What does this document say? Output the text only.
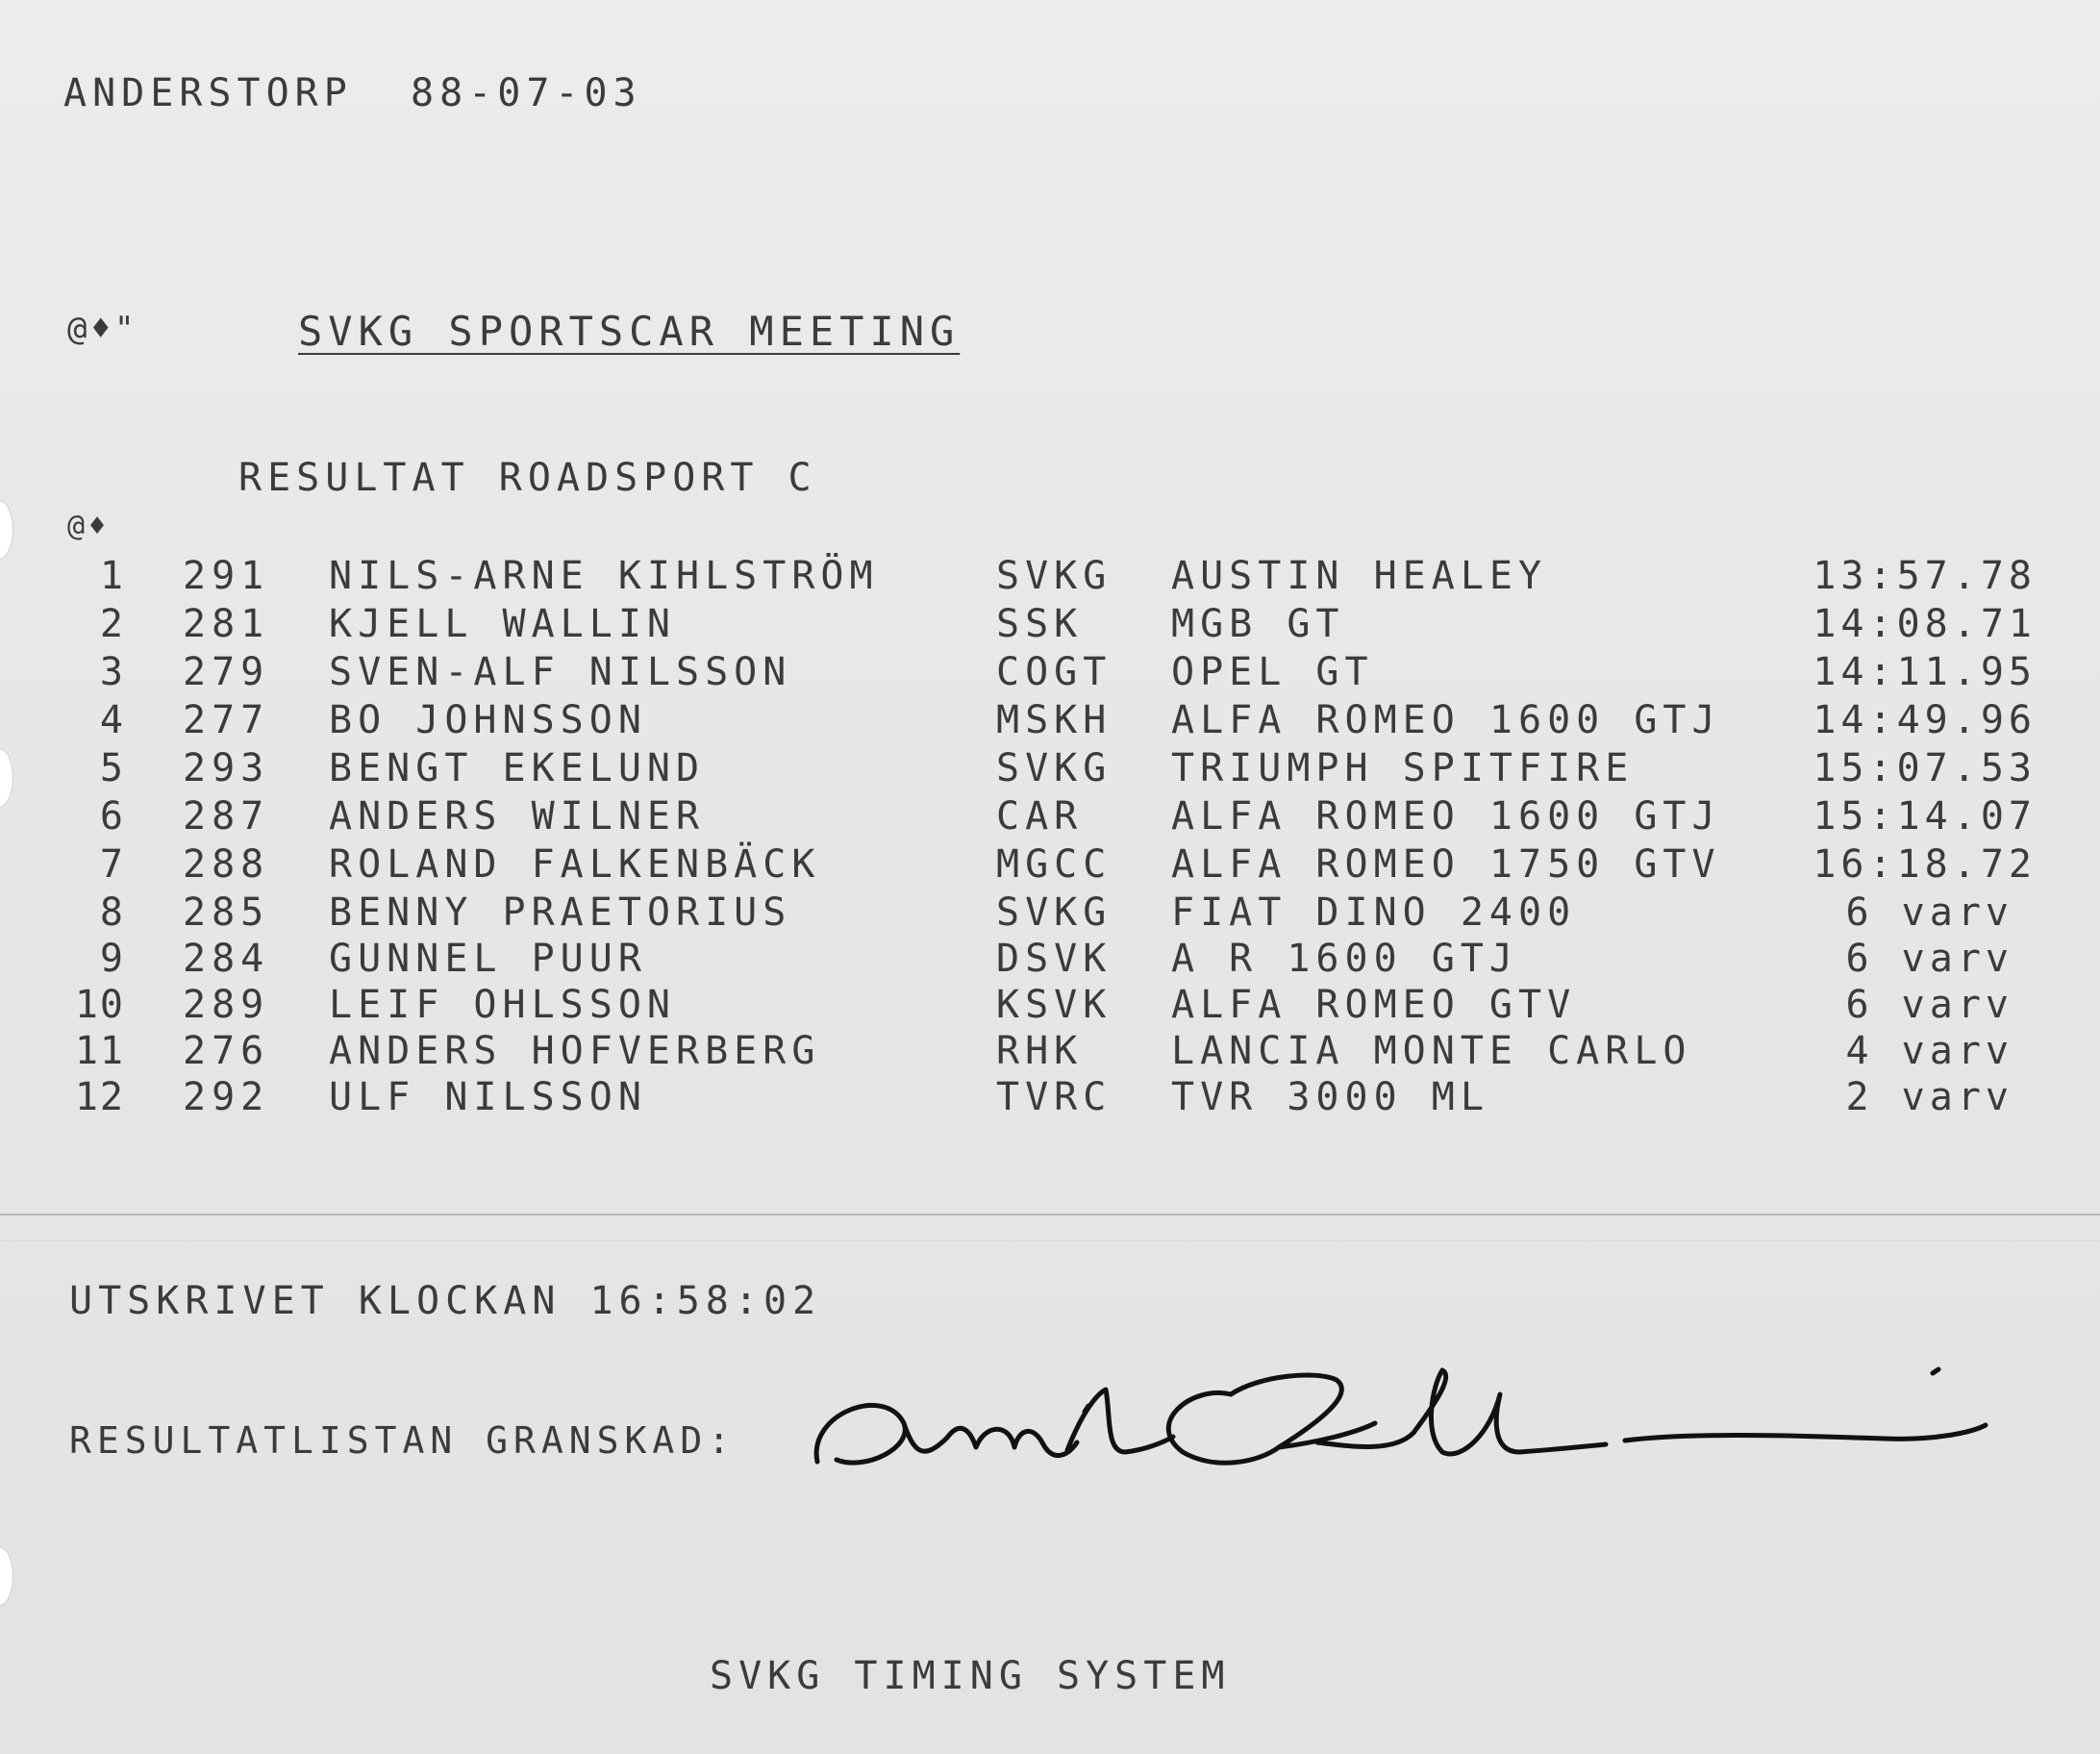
ANDERSTORP  88-07-03
@♦"	SVKG SPORTSCAR MEETING
RESULTAT ROADSPORT C
@♦
1 291 NILS-ARNE KIHLSTRÖM	SVKG AUSTIN HEALEY	13:57.78
2 281 KJELL WALLIN	SSK MGB GT	14:08.71
3 279 SVEN-ALF NILSSON	COGT OPEL GT	14:11.95
4 277 BO JOHNSSON	MSKH ALFA ROMEO 1600 GTJ 14:49.96
5 293 BENGT EKELUND	SVKG TRIUMPH SPITFIRE	15:07.53
6 287 ANDERS WILNER	CAR ALFA ROMEO 1600 GTJ 15:14.07
7 288 ROLAND FALKENBÄCK	MGCC ALFA ROMEO 1750 GTV 16:18.72
8 285 BENNY PRAETORIUS	SVKG FIAT DINO 2400	6 varv
9 284 GUNNEL PUUR	DSVK A R 1600 GTJ	6 varv
10 289 LEIF OHLSSON	KSVK ALFA ROMEO GTV	6 varv
11 276 ANDERS HOFVERBERG	RHK LANCIA MONTE CARLO	4 varv
12 292 ULF NILSSON	TVRC TVR 3000 ML	2 varv
UTSKRIVET KLOCKAN 16:58:02
RESULTATLISTAN GRANSKAD:
SVKG TIMING SYSTEM
